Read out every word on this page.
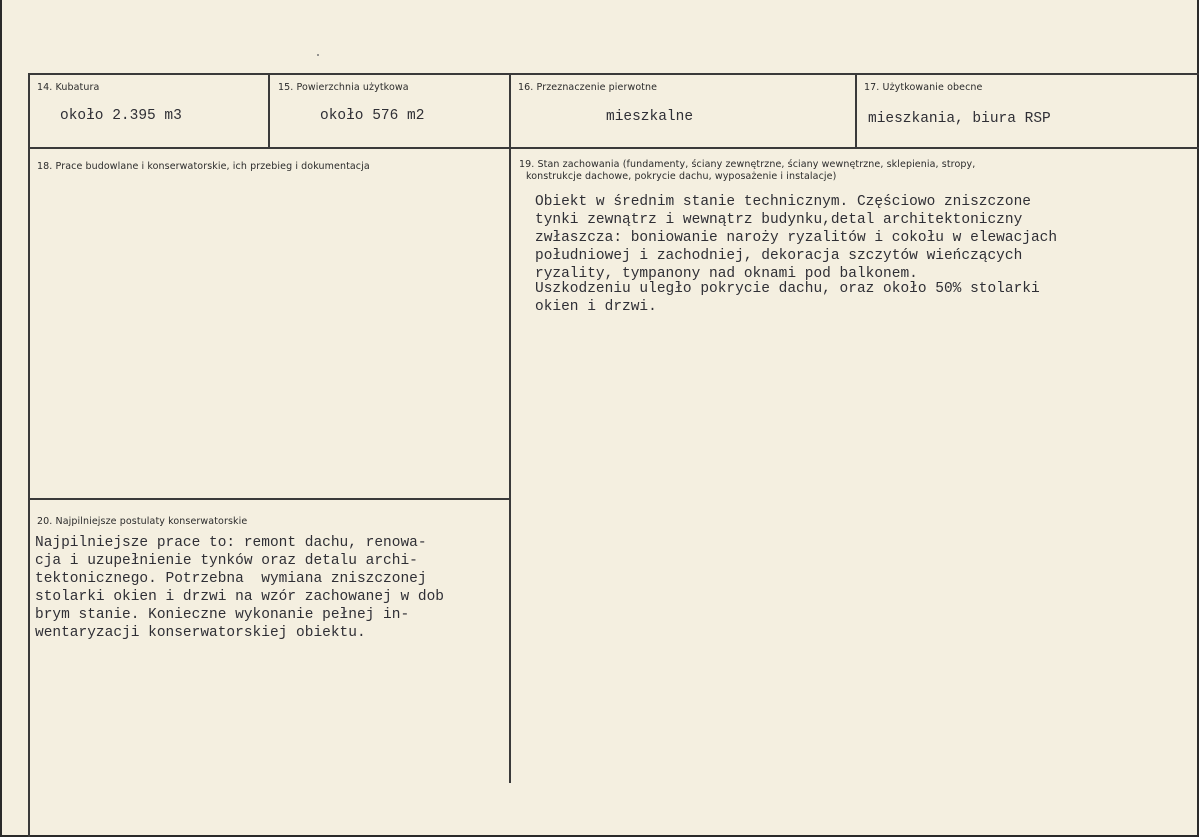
14. Kubatura
około 2.395 m3
15. Powierzchnia użytkowa
około 576 m2
16. Przeznaczenie pierwotne
mieszkalne
17. Użytkowanie obecne
mieszkania, biura RSP
18. Prace budowlane i konserwatorskie, ich przebieg i dokumentacja	19. Stan zachowania (fundamenty, ściany zewnętrzne, ściany wewnętrzne, sklepienia, stropy,
konstrukcje dachowe, pokrycie dachu, wyposażenie i instalacje)
Obiekt w średnim stanie technicznym. Częściowo zniszczone
tynki zewnątrz i wewnątrz budynku,detal architektoniczny
zwłaszcza: boniowanie naroży ryzalitów i cokołu w elewacjach
południowej i zachodniej, dekoracja szczytów wieńczących
ryzality, tympanony nad oknami pod balkonem.
Uszkodzeniu uległo pokrycie dachu, oraz około 50% stolarki
okien i drzwi.
20. Najpilniejsze postulaty konserwatorskie
Najpilniejsze prace to: remont dachu, renowa-
cja i uzupełnienie tynków oraz detalu archi-
tektonicznego. Potrzebna  wymiana zniszczonej
stolarki okien i drzwi na wzór zachowanej w dob
brym stanie. Konieczne wykonanie pełnej in-
wentaryzacji konserwatorskiej obiektu.
